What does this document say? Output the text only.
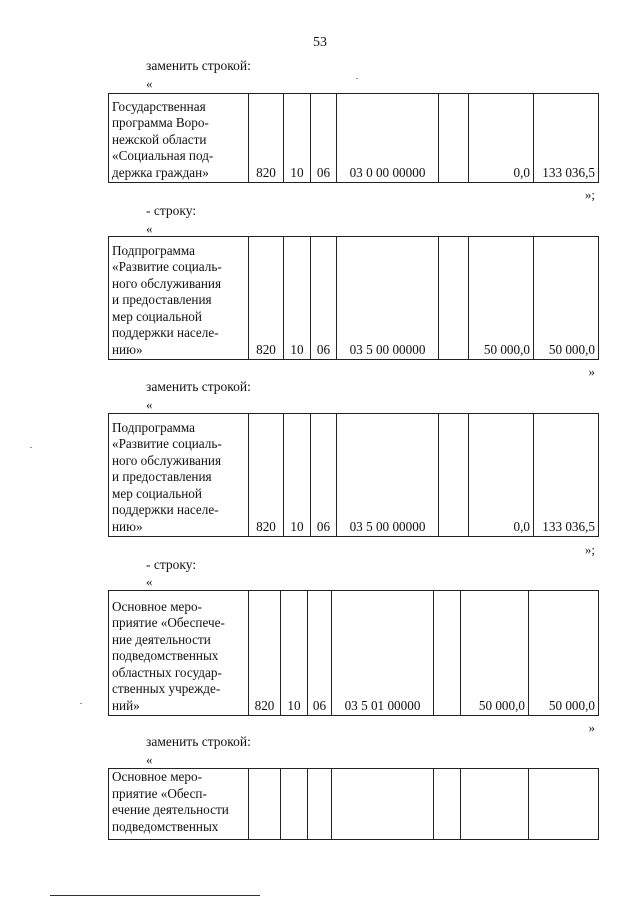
53
заменить строкой:
«
Государственная
программа Воро-
нежской области
«Социальная под-
держка граждан»	820	10	06	03 0 00 00000		0,0	133 036,5
»;
- строку:
«
Подпрограмма
«Развитие социаль-
ного обслуживания
и предоставления
мер социальной
поддержки населе-
нию»	820	10	06	03 5 00 00000		50 000,0	50 000,0
»
заменить строкой:
«
Подпрограмма
«Развитие социаль-
ного обслуживания
и предоставления
мер социальной
поддержки населе-
нию»	820	10	06	03 5 00 00000		0,0	133 036,5
»;
- строку:
«
Основное меро-
приятие «Обеспече-
ние деятельности
подведомственных
областных государ-
ственных учрежде-
ний»	820	10	06	03 5 01 00000		50 000,0	50 000,0
»
заменить строкой:
«
Основное меро-
приятие «Обесп-
ечение деятельности
подведомственных							
